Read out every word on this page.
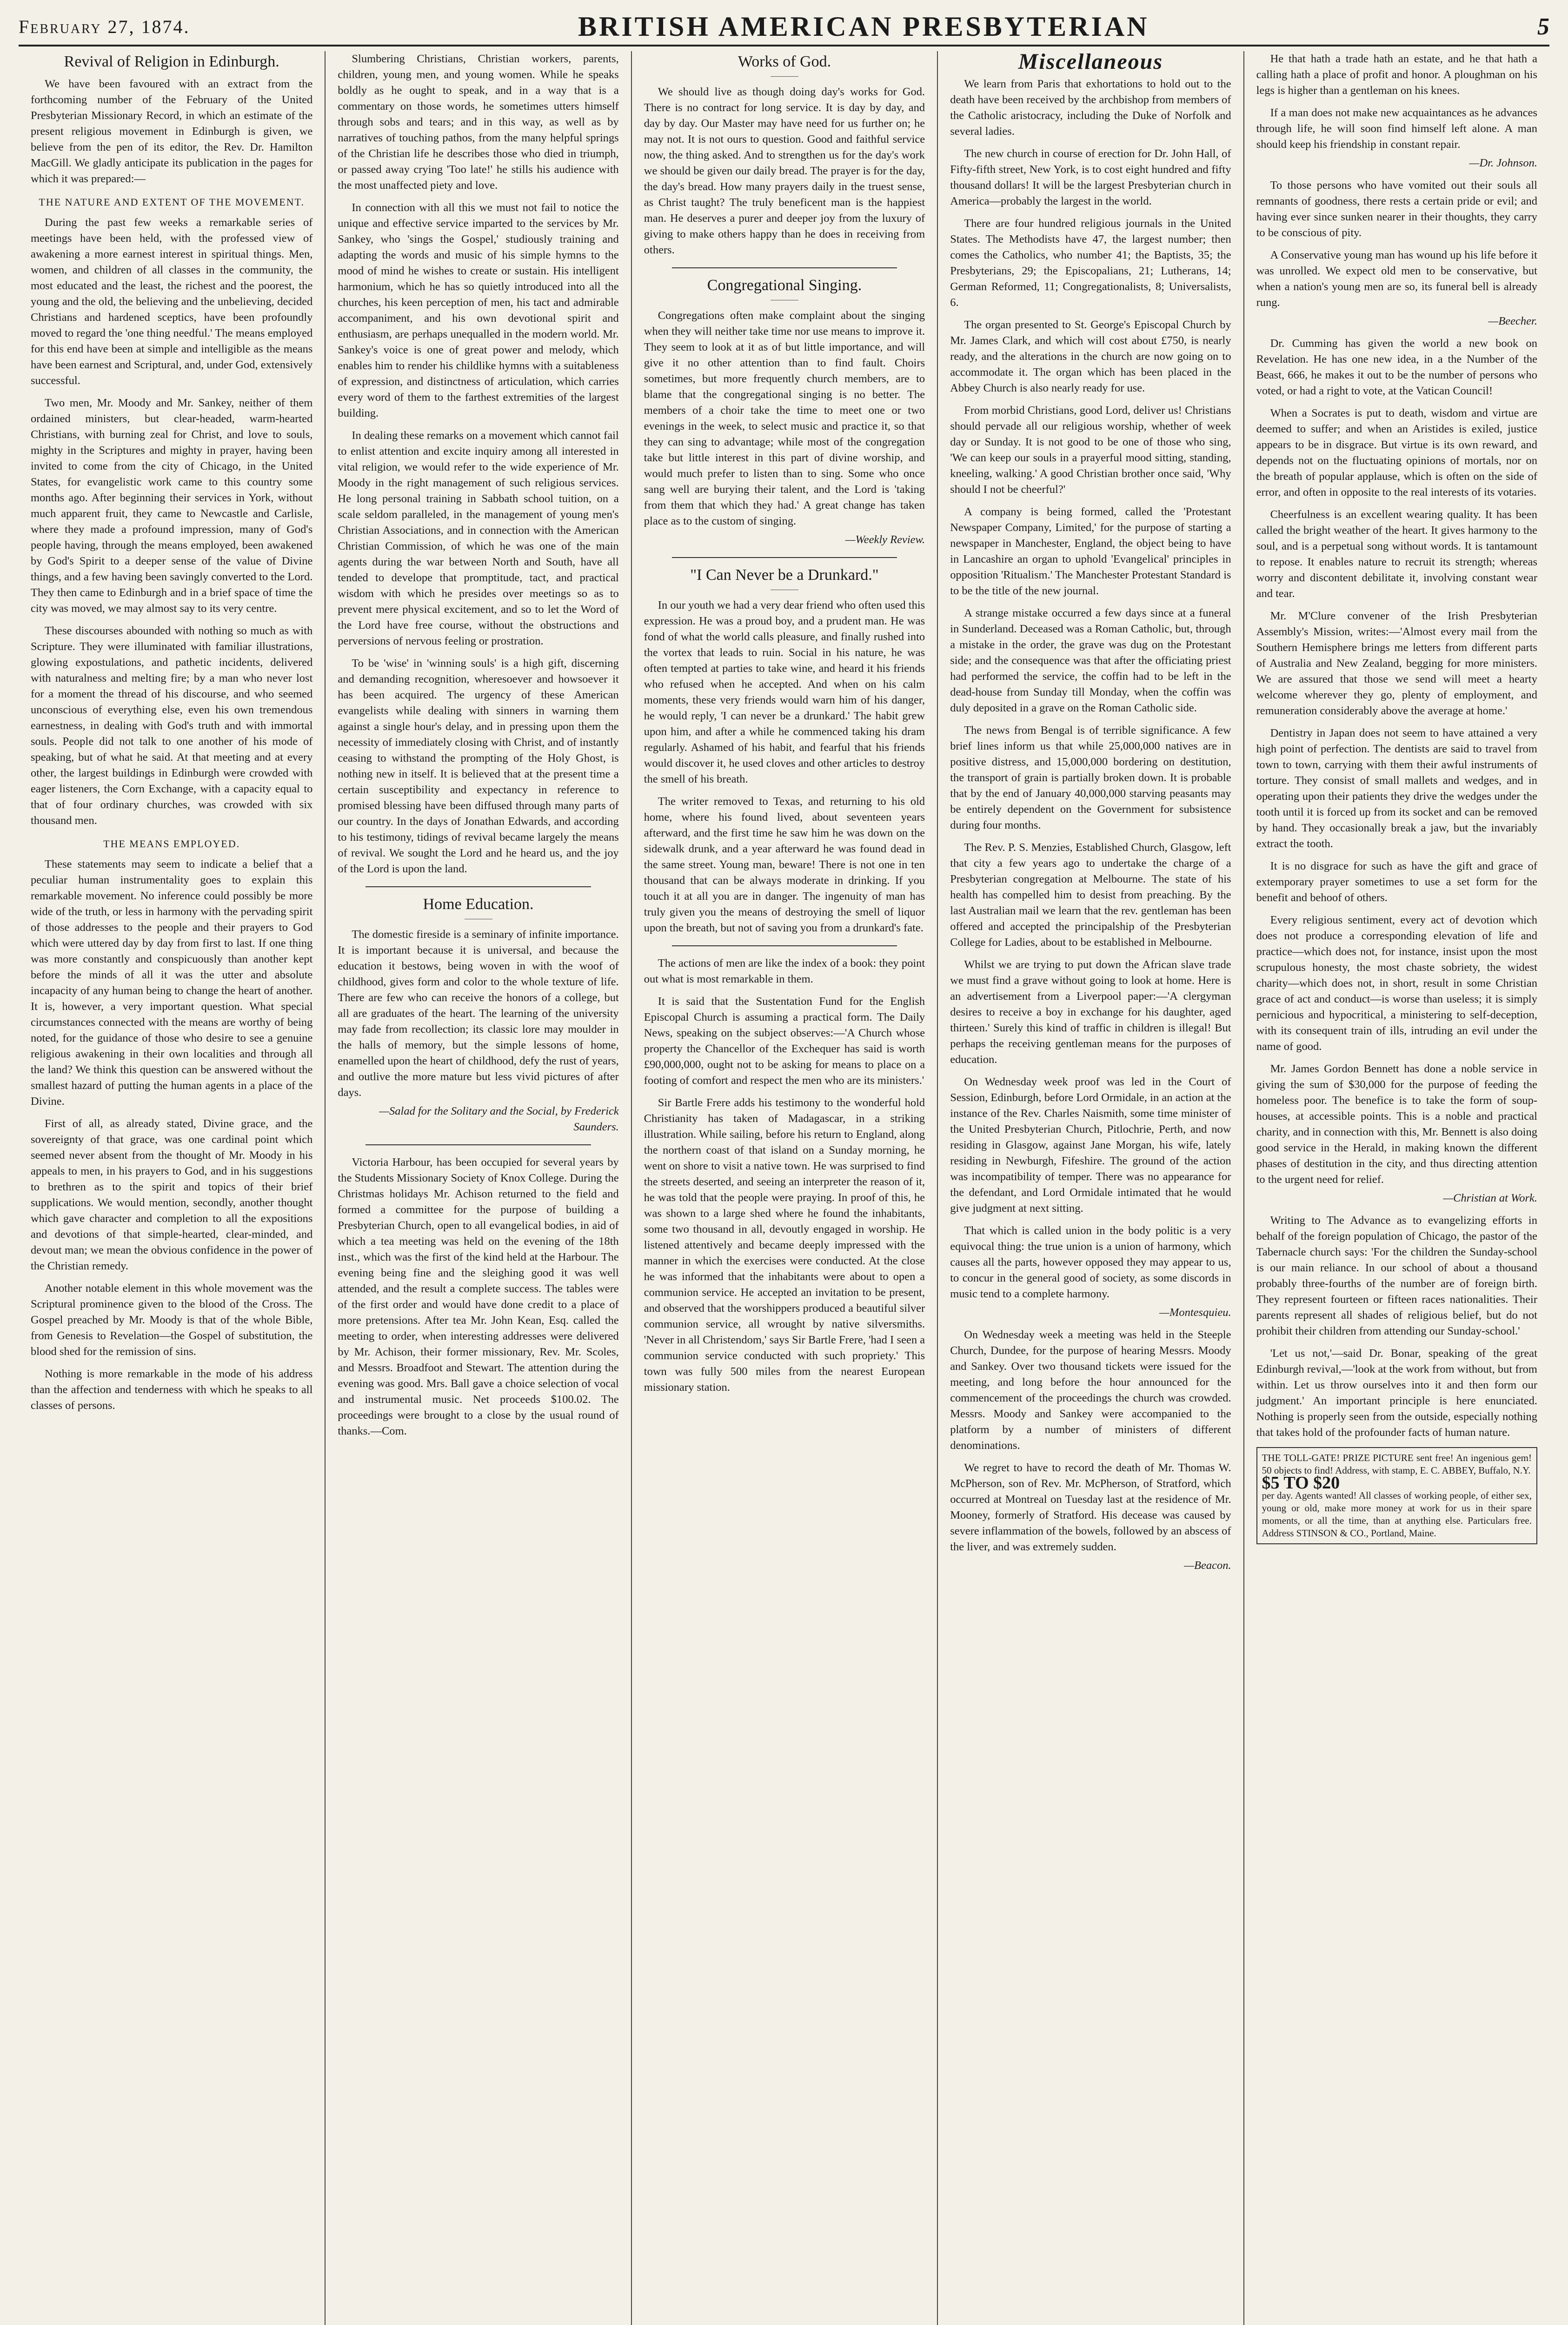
February 27, 1874.	BRITISH AMERICAN PRESBYTERIAN	5
Revival of Religion in Edinburgh.

We have been favoured with an extract from the forthcoming number of the February of the United Presbyterian Missionary Record, in which an estimate of the present religious movement in Edinburgh is given, we believe from the pen of its editor, the Rev. Dr. Hamilton MacGill. We gladly anticipate its publication in the pages for which it was prepared:—

THE NATURE AND EXTENT OF THE MOVEMENT.

During the past few weeks a remarkable series of meetings have been held, with the professed view of awakening a more earnest interest in spiritual things. Men, women, and children of all classes in the community, the most educated and the least, the richest and the poorest, the young and the old, the believing and the unbelieving, decided Christians and hardened sceptics, have been profoundly moved to regard the 'one thing needful.' The means employed for this end have been at simple and intelligible as the means have been earnest and Scriptural, and, under God, extensively successful.

Two men, Mr. Moody and Mr. Sankey, neither of them ordained ministers, but clear-headed, warm-hearted Christians, with burning zeal for Christ, and love to souls, mighty in the Scriptures and mighty in prayer, having been invited to come from the city of Chicago, in the United States, for evangelistic work came to this country some months ago. After beginning their services in York, without much apparent fruit, they came to Newcastle and Carlisle, where they made a profound impression, many of God's people having, through the means employed, been awakened by God's Spirit to a deeper sense of the value of Divine things, and a few having been savingly converted to the Lord. They then came to Edinburgh and in a brief space of time the city was moved, we may almost say to its very centre.

These discourses abounded with nothing so much as with Scripture. They were illuminated with familiar illustrations, glowing expostulations, and pathetic incidents, delivered with naturalness and melting fire; by a man who never lost for a moment the thread of his discourse, and who seemed unconscious of everything else, even his own tremendous earnestness, in dealing with God's truth and with immortal souls. People did not talk to one another of his mode of speaking, but of what he said. At that meeting and at every other, the largest buildings in Edinburgh were crowded with eager listeners, the Corn Exchange, with a capacity equal to that of four ordinary churches, was crowded with six thousand men.

THE MEANS EMPLOYED.

These statements may seem to indicate a belief that a peculiar human instrumentality goes to explain this remarkable movement. No inference could possibly be more wide of the truth, or less in harmony with the pervading spirit of those addresses to the people and their prayers to God which were uttered day by day from first to last. If one thing was more constantly and conspicuously than another kept before the minds of all it was the utter and absolute incapacity of any human being to change the heart of another. It is, however, a very important question. What special circumstances connected with the means are worthy of being noted, for the guidance of those who desire to see a genuine religious awakening in their own localities and through all the land? We think this question can be answered without the smallest hazard of putting the human agents in a place of the Divine.

First of all, as already stated, Divine grace, and the sovereignty of that grace, was one cardinal point which seemed never absent from the thought of Mr. Moody in his appeals to men, in his prayers to God, and in his suggestions to brethren as to the spirit and topics of their brief supplications. We would mention, secondly, another thought which gave character and completion to all the expositions and devotions of that simple-hearted, clear-minded, and devout man; we mean the obvious confidence in the power of the Christian remedy.

Another notable element in this whole movement was the Scriptural prominence given to the blood of the Cross. The Gospel preached by Mr. Moody is that of the whole Bible, from Genesis to Revelation—the Gospel of substitution, the blood shed for the remission of sins.

Nothing is more remarkable in the mode of his address than the affection and tenderness with which he speaks to all classes of persons.

Slumbering Christians, Christian workers, parents, children, young men, and young women. While he speaks boldly as he ought to speak, and in a way that is a commentary on those words, he sometimes utters himself through sobs and tears; and in this way, as well as by narratives of touching pathos, from the many helpful springs of the Christian life he describes those who died in triumph, or passed away crying 'Too late!' he stills his audience with the most unaffected piety and love.

In connection with all this we must not fail to notice the unique and effective service imparted to the services by Mr. Sankey, who 'sings the Gospel,' studiously training and adapting the words and music of his simple hymns to the mood of mind he wishes to create or sustain. His intelligent harmonium, which he has so quietly introduced into all the churches, his keen perception of men, his tact and admirable accompaniment, and his own devotional spirit and enthusiasm, are perhaps unequalled in the modern world. Mr. Sankey's voice is one of great power and melody, which enables him to render his childlike hymns with a suitableness of expression, and distinctness of articulation, which carries every word of them to the farthest extremities of the largest building.

In dealing these remarks on a movement which cannot fail to enlist attention and excite inquiry among all interested in vital religion, we would refer to the wide experience of Mr. Moody in the right management of such religious services. He long personal training in Sabbath school tuition, on a scale seldom paralleled, in the management of young men's Christian Associations, and in connection with the American Christian Commission, of which he was one of the main agents during the war between North and South, have all tended to develope that promptitude, tact, and practical wisdom with which he presides over meetings so as to prevent mere physical excitement, and so to let the Word of the Lord have free course, without the obstructions and perversions of nervous feeling or prostration.

To be 'wise' in 'winning souls' is a high gift, discerning and demanding recognition, wheresoever and howsoever it has been acquired. The urgency of these American evangelists while dealing with sinners in warning them against a single hour's delay, and in pressing upon them the necessity of immediately closing with Christ, and of instantly ceasing to withstand the prompting of the Holy Ghost, is nothing new in itself. It is believed that at the present time a certain susceptibility and expectancy in reference to promised blessing have been diffused through many parts of our country. In the days of Jonathan Edwards, and according to his testimony, tidings of revival became largely the means of revival. We sought the Lord and he heard us, and the joy of the Lord is upon the land.

Home Education.

The domestic fireside is a seminary of infinite importance. It is important because it is universal, and because the education it bestows, being woven in with the woof of childhood, gives form and color to the whole texture of life. There are few who can receive the honors of a college, but all are graduates of the heart. The learning of the university may fade from recollection; its classic lore may moulder in the halls of memory, but the simple lessons of home, enamelled upon the heart of childhood, defy the rust of years, and outlive the more mature but less vivid pictures of after days.

—Salad for the Solitary and the Social, by Frederick Saunders.

Victoria Harbour, has been occupied for several years by the Students Missionary Society of Knox College. During the Christmas holidays Mr. Achison returned to the field and formed a committee for the purpose of building a Presbyterian Church, open to all evangelical bodies, in aid of which a tea meeting was held on the evening of the 18th inst., which was the first of the kind held at the Harbour. The evening being fine and the sleighing good it was well attended, and the result a complete success. The tables were of the first order and would have done credit to a place of more pretensions. After tea Mr. John Kean, Esq. called the meeting to order, when interesting addresses were delivered by Mr. Achison, their former missionary, Rev. Mr. Scoles, and Messrs. Broadfoot and Stewart. The attention during the evening was good. Mrs. Ball gave a choice selection of vocal and instrumental music. Net proceeds $100.02. The proceedings were brought to a close by the usual round of thanks.—Com.

Works of God.

We should live as though doing day's works for God. There is no contract for long service. It is day by day, and day by day. Our Master may have need for us further on; he may not. It is not ours to question. Good and faithful service now, the thing asked. And to strengthen us for the day's work we should be given our daily bread. The prayer is for the day, the day's bread. How many prayers daily in the truest sense, as Christ taught? The truly beneficent man is the happiest man. He deserves a purer and deeper joy from the luxury of giving to make others happy than he does in receiving from others.

Congregational Singing.

Congregations often make complaint about the singing when they will neither take time nor use means to improve it. They seem to look at it as of but little importance, and will give it no other attention than to find fault. Choirs sometimes, but more frequently church members, are to blame that the congregational singing is no better. The members of a choir take the time to meet one or two evenings in the week, to select music and practice it, so that they can sing to advantage; while most of the congregation take but little interest in this part of divine worship, and would much prefer to listen than to sing. Some who once sang well are burying their talent, and the Lord is 'taking from them that which they had.' A great change has taken place as to the custom of singing.

—Weekly Review.

"I Can Never be a Drunkard."

In our youth we had a very dear friend who often used this expression. He was a proud boy, and a prudent man. He was fond of what the world calls pleasure, and finally rushed into the vortex that leads to ruin. Social in his nature, he was often tempted at parties to take wine, and heard it his friends who refused when he accepted. And when on his calm moments, these very friends would warn him of his danger, he would reply, 'I can never be a drunkard.' The habit grew upon him, and after a while he commenced taking his dram regularly. Ashamed of his habit, and fearful that his friends would discover it, he used cloves and other articles to destroy the smell of his breath.

The writer removed to Texas, and returning to his old home, where his found lived, about seventeen years afterward, and the first time he saw him he was down on the sidewalk drunk, and a year afterward he was found dead in the same street. Young man, beware! There is not one in ten thousand that can be always moderate in drinking. If you touch it at all you are in danger. The ingenuity of man has truly given you the means of destroying the smell of liquor upon the breath, but not of saving you from a drunkard's fate.

The actions of men are like the index of a book: they point out what is most remarkable in them.

It is said that the Sustentation Fund for the English Episcopal Church is assuming a practical form. The Daily News, speaking on the subject observes:—'A Church whose property the Chancellor of the Exchequer has said is worth £90,000,000, ought not to be asking for means to place on a footing of comfort and respect the men who are its ministers.'

Sir Bartle Frere adds his testimony to the wonderful hold Christianity has taken of Madagascar, in a striking illustration. While sailing, before his return to England, along the northern coast of that island on a Sunday morning, he went on shore to visit a native town. He was surprised to find the streets deserted, and seeing an interpreter the reason of it, he was told that the people were praying. In proof of this, he was shown to a large shed where he found the inhabitants, some two thousand in all, devoutly engaged in worship. He listened attentively and became deeply impressed with the manner in which the exercises were conducted. At the close he was informed that the inhabitants were about to open a communion service. He accepted an invitation to be present, and observed that the worshippers produced a beautiful silver communion service, all wrought by native silversmiths. 'Never in all Christendom,' says Sir Bartle Frere, 'had I seen a communion service conducted with such propriety.' This town was fully 500 miles from the nearest European missionary station.

Miscellaneous

We learn from Paris that exhortations to hold out to the death have been received by the archbishop from members of the Catholic aristocracy, including the Duke of Norfolk and several ladies.

The new church in course of erection for Dr. John Hall, of Fifty-fifth street, New York, is to cost eight hundred and fifty thousand dollars! It will be the largest Presbyterian church in America—probably the largest in the world.

There are four hundred religious journals in the United States. The Methodists have 47, the largest number; then comes the Catholics, who number 41; the Baptists, 35; the Presbyterians, 29; the Episcopalians, 21; Lutherans, 14; German Reformed, 11; Congregationalists, 8; Universalists, 6.

The organ presented to St. George's Episcopal Church by Mr. James Clark, and which will cost about £750, is nearly ready, and the alterations in the church are now going on to accommodate it. The organ which has been placed in the Abbey Church is also nearly ready for use.

From morbid Christians, good Lord, deliver us! Christians should pervade all our religious worship, whether of week day or Sunday. It is not good to be one of those who sing, 'We can keep our souls in a prayerful mood sitting, standing, kneeling, walking.' A good Christian brother once said, 'Why should I not be cheerful?'

A company is being formed, called the 'Protestant Newspaper Company, Limited,' for the purpose of starting a newspaper in Manchester, England, the object being to have in Lancashire an organ to uphold 'Evangelical' principles in opposition 'Ritualism.' The Manchester Protestant Standard is to be the title of the new journal.

A strange mistake occurred a few days since at a funeral in Sunderland. Deceased was a Roman Catholic, but, through a mistake in the order, the grave was dug on the Protestant side; and the consequence was that after the officiating priest had performed the service, the coffin had to be left in the dead-house from Sunday till Monday, when the coffin was duly deposited in a grave on the Roman Catholic side.

The news from Bengal is of terrible significance. A few brief lines inform us that while 25,000,000 natives are in positive distress, and 15,000,000 bordering on destitution, the transport of grain is partially broken down. It is probable that by the end of January 40,000,000 starving peasants may be entirely dependent on the Government for subsistence during four months.

The Rev. P. S. Menzies, Established Church, Glasgow, left that city a few years ago to undertake the charge of a Presbyterian congregation at Melbourne. The state of his health has compelled him to desist from preaching. By the last Australian mail we learn that the rev. gentleman has been offered and accepted the principalship of the Presbyterian College for Ladies, about to be established in Melbourne.

Whilst we are trying to put down the African slave trade we must find a grave without going to look at home. Here is an advertisement from a Liverpool paper:—'A clergyman desires to receive a boy in exchange for his daughter, aged thirteen.' Surely this kind of traffic in children is illegal! But perhaps the receiving gentleman means for the purposes of education.

On Wednesday week proof was led in the Court of Session, Edinburgh, before Lord Ormidale, in an action at the instance of the Rev. Charles Naismith, some time minister of the United Presbyterian Church, Pitlochrie, Perth, and now residing in Glasgow, against Jane Morgan, his wife, lately residing in Newburgh, Fifeshire. The ground of the action was incompatibility of temper. There was no appearance for the defendant, and Lord Ormidale intimated that he would give judgment at next sitting.

That which is called union in the body politic is a very equivocal thing: the true union is a union of harmony, which causes all the parts, however opposed they may appear to us, to concur in the general good of society, as some discords in music tend to a complete harmony.

—Montesquieu.

On Wednesday week a meeting was held in the Steeple Church, Dundee, for the purpose of hearing Messrs. Moody and Sankey. Over two thousand tickets were issued for the meeting, and long before the hour announced for the commencement of the proceedings the church was crowded. Messrs. Moody and Sankey were accompanied to the platform by a number of ministers of different denominations.

We regret to have to record the death of Mr. Thomas W. McPherson, son of Rev. Mr. McPherson, of Stratford, which occurred at Montreal on Tuesday last at the residence of Mr. Mooney, formerly of Stratford. His decease was caused by severe inflammation of the bowels, followed by an abscess of the liver, and was extremely sudden.

—Beacon.

He that hath a trade hath an estate, and he that hath a calling hath a place of profit and honor. A ploughman on his legs is higher than a gentleman on his knees.

If a man does not make new acquaintances as he advances through life, he will soon find himself left alone. A man should keep his friendship in constant repair.

—Dr. Johnson.

To those persons who have vomited out their souls all remnants of goodness, there rests a certain pride or evil; and having ever since sunken nearer in their thoughts, they carry to be conscious of pity.

A Conservative young man has wound up his life before it was unrolled. We expect old men to be conservative, but when a nation's young men are so, its funeral bell is already rung.

—Beecher.

Dr. Cumming has given the world a new book on Revelation. He has one new idea, in a the Number of the Beast, 666, he makes it out to be the number of persons who voted, or had a right to vote, at the Vatican Council!

When a Socrates is put to death, wisdom and virtue are deemed to suffer; and when an Aristides is exiled, justice appears to be in disgrace. But virtue is its own reward, and depends not on the fluctuating opinions of mortals, nor on the breath of popular applause, which is often on the side of error, and often in opposite to the real interests of its votaries.

Cheerfulness is an excellent wearing quality. It has been called the bright weather of the heart. It gives harmony to the soul, and is a perpetual song without words. It is tantamount to repose. It enables nature to recruit its strength; whereas worry and discontent debilitate it, involving constant wear and tear.

Mr. M'Clure convener of the Irish Presbyterian Assembly's Mission, writes:—'Almost every mail from the Southern Hemisphere brings me letters from different parts of Australia and New Zealand, begging for more ministers. We are assured that those we send will meet a hearty welcome wherever they go, plenty of employment, and remuneration considerably above the average at home.'

Dentistry in Japan does not seem to have attained a very high point of perfection. The dentists are said to travel from town to town, carrying with them their awful instruments of torture. They consist of small mallets and wedges, and in operating upon their patients they drive the wedges under the tooth until it is forced up from its socket and can be removed by hand. They occasionally break a jaw, but the invariably extract the tooth.

It is no disgrace for such as have the gift and grace of extemporary prayer sometimes to use a set form for the benefit and behoof of others.

Every religious sentiment, every act of devotion which does not produce a corresponding elevation of life and practice—which does not, for instance, insist upon the most scrupulous honesty, the most chaste sobriety, the widest charity—which does not, in short, result in some Christian grace of act and conduct—is worse than useless; it is simply pernicious and hypocritical, a ministering to self-deception, with its consequent train of ills, intruding an evil under the name of good.

Mr. James Gordon Bennett has done a noble service in giving the sum of $30,000 for the purpose of feeding the homeless poor. The benefice is to take the form of soup-houses, at accessible points. This is a noble and practical charity, and in connection with this, Mr. Bennett is also doing good service in the Herald, in making known the different phases of destitution in the city, and thus directing attention to the urgent need for relief.

—Christian at Work.

Writing to The Advance as to evangelizing efforts in behalf of the foreign population of Chicago, the pastor of the Tabernacle church says: 'For the children the Sunday-school is our main reliance. In our school of about a thousand probably three-fourths of the number are of foreign birth. They represent fourteen or fifteen races nationalities. Their parents represent all shades of religious belief, but do not prohibit their children from attending our Sunday-school.'

'Let us not,'—said Dr. Bonar, speaking of the great Edinburgh revival,—'look at the work from without, but from within. Let us throw ourselves into it and then form our judgment.' An important principle is here enunciated. Nothing is properly seen from the outside, especially nothing that takes hold of the profounder facts of human nature.

THE TOLL-GATE! PRIZE PICTURE sent free! An ingenious gem! 50 objects to find! Address, with stamp, E. C. ABBEY, Buffalo, N.Y.
$5 TO $20
per day. Agents wanted! All classes of working people, of either sex, young or old, make more money at work for us in their spare moments, or all the time, than at anything else. Particulars free. Address STINSON & CO., Portland, Maine.
